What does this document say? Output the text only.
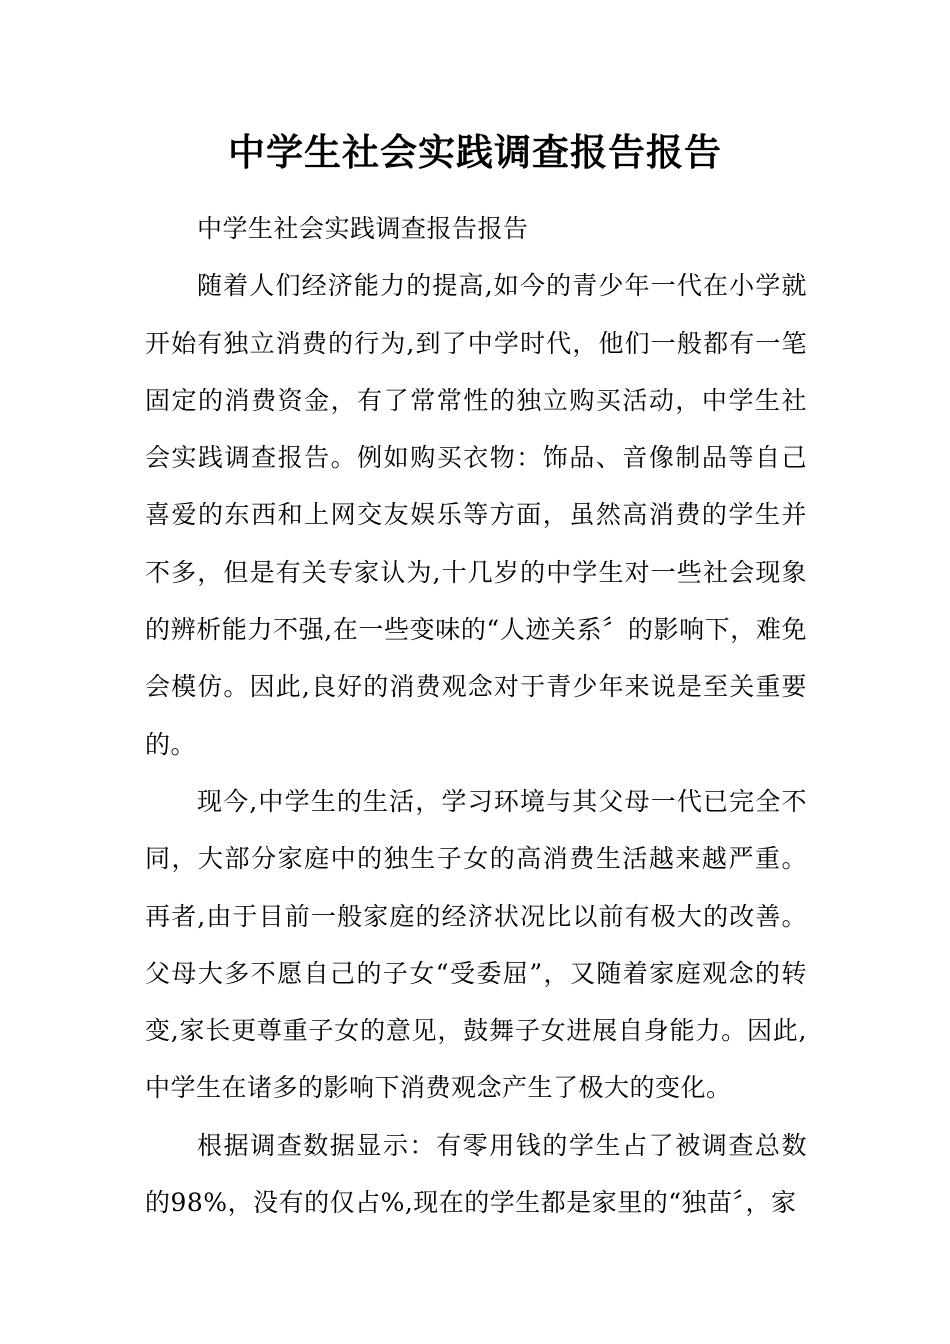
中学生社会实践调查报告报告

中学生社会实践调查报告报告

随着人们经济能力的提高,如今的青少年一代在小学就开始有独立消费的行为,到了中学时代，他们一般都有一笔固定的消费资金，有了常常性的独立购买活动，中学生社会实践调查报告。例如购买衣物：饰品、音像制品等自己喜爱的东西和上网交友娱乐等方面，虽然高消费的学生并不多，但是有关专家认为,十几岁的中学生对一些社会现象的辨析能力不强,在一些变味的“人迹关系〞的影响下，难免会模仿。因此,良好的消费观念对于青少年来说是至关重要的。

现今,中学生的生活，学习环境与其父母一代已完全不同，大部分家庭中的独生子女的高消费生活越来越严重。再者,由于目前一般家庭的经济状况比以前有极大的改善。父母大多不愿自己的子女“受委屈”，又随着家庭观念的转变,家长更尊重子女的意见，鼓舞子女进展自身能力。因此,中学生在诸多的影响下消费观念产生了极大的变化。

根据调查数据显示：有零用钱的学生占了被调查总数的98%，没有的仅占%,现在的学生都是家里的“独苗〞，家
